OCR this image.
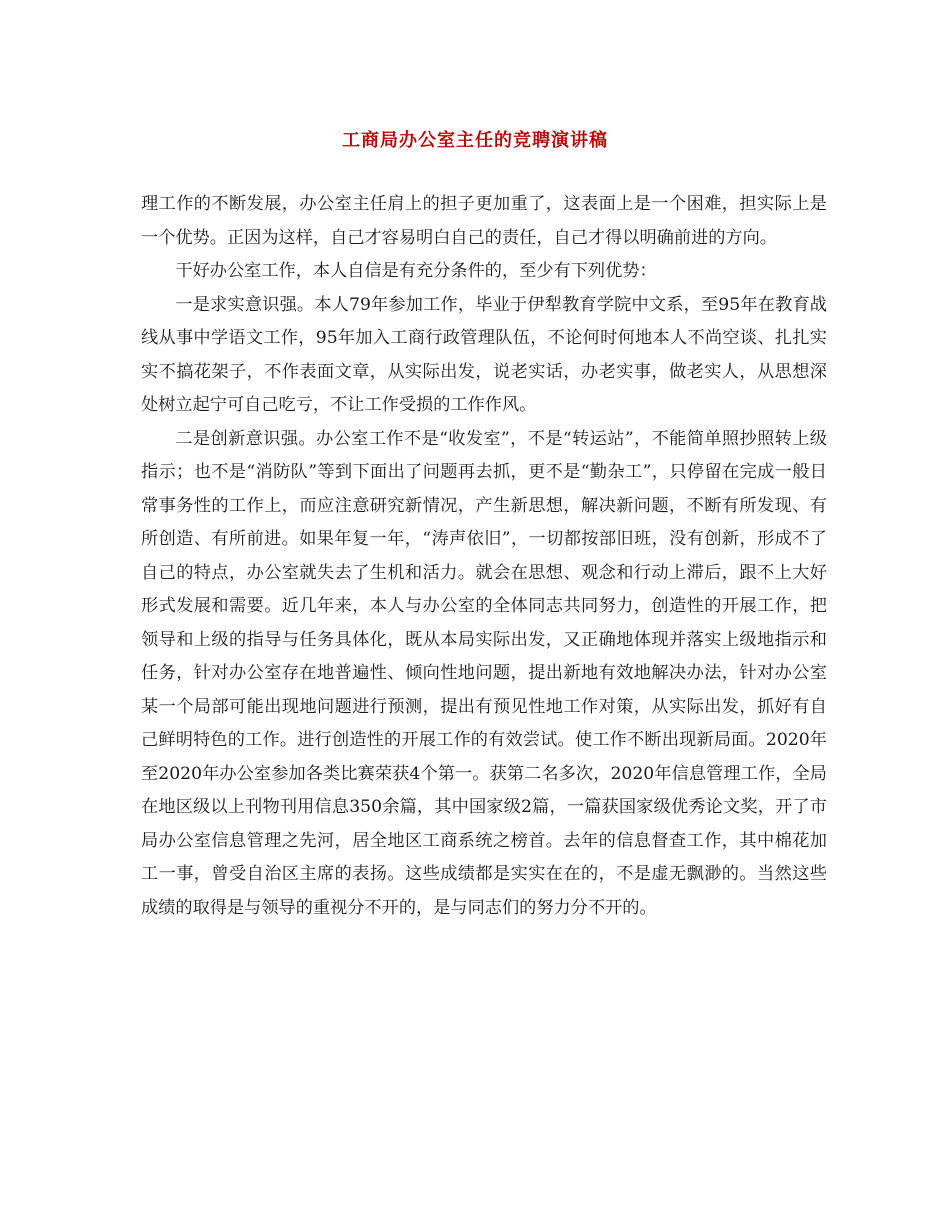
工商局办公室主任的竞聘演讲稿

理工作的不断发展，办公室主任肩上的担子更加重了，这表面上是一个困难，担实际上是一个优势。正因为这样，自己才容易明白自己的责任，自己才得以明确前进的方向。

干好办公室工作，本人自信是有充分条件的，至少有下列优势：

一是求实意识强。本人79年参加工作，毕业于伊犁教育学院中文系，至95年在教育战线从事中学语文工作，95年加入工商行政管理队伍，不论何时何地本人不尚空谈、扎扎实实不搞花架子，不作表面文章，从实际出发，说老实话，办老实事，做老实人，从思想深处树立起宁可自己吃亏，不让工作受损的工作作风。

二是创新意识强。办公室工作不是“收发室”，不是“转运站”，不能简单照抄照转上级指示；也不是“消防队”等到下面出了问题再去抓，更不是“勤杂工”，只停留在完成一般日常事务性的工作上，而应注意研究新情况，产生新思想，解决新问题，不断有所发现、有所创造、有所前进。如果年复一年，“涛声依旧”，一切都按部旧班，没有创新，形成不了自己的特点，办公室就失去了生机和活力。就会在思想、观念和行动上滞后，跟不上大好形式发展和需要。近几年来，本人与办公室的全体同志共同努力，创造性的开展工作，把领导和上级的指导与任务具体化，既从本局实际出发，又正确地体现并落实上级地指示和任务，针对办公室存在地普遍性、倾向性地问题，提出新地有效地解决办法，针对办公室某一个局部可能出现地问题进行预测，提出有预见性地工作对策，从实际出发，抓好有自己鲜明特色的工作。进行创造性的开展工作的有效尝试。使工作不断出现新局面。2020年至2020年办公室参加各类比赛荣获4个第一。获第二名多次，2020年信息管理工作，全局在地区级以上刊物刊用信息350余篇，其中国家级2篇，一篇获国家级优秀论文奖，开了市局办公室信息管理之先河，居全地区工商系统之榜首。去年的信息督查工作，其中棉花加工一事，曾受自治区主席的表扬。这些成绩都是实实在在的，不是虚无飘渺的。当然这些成绩的取得是与领导的重视分不开的，是与同志们的努力分不开的。
